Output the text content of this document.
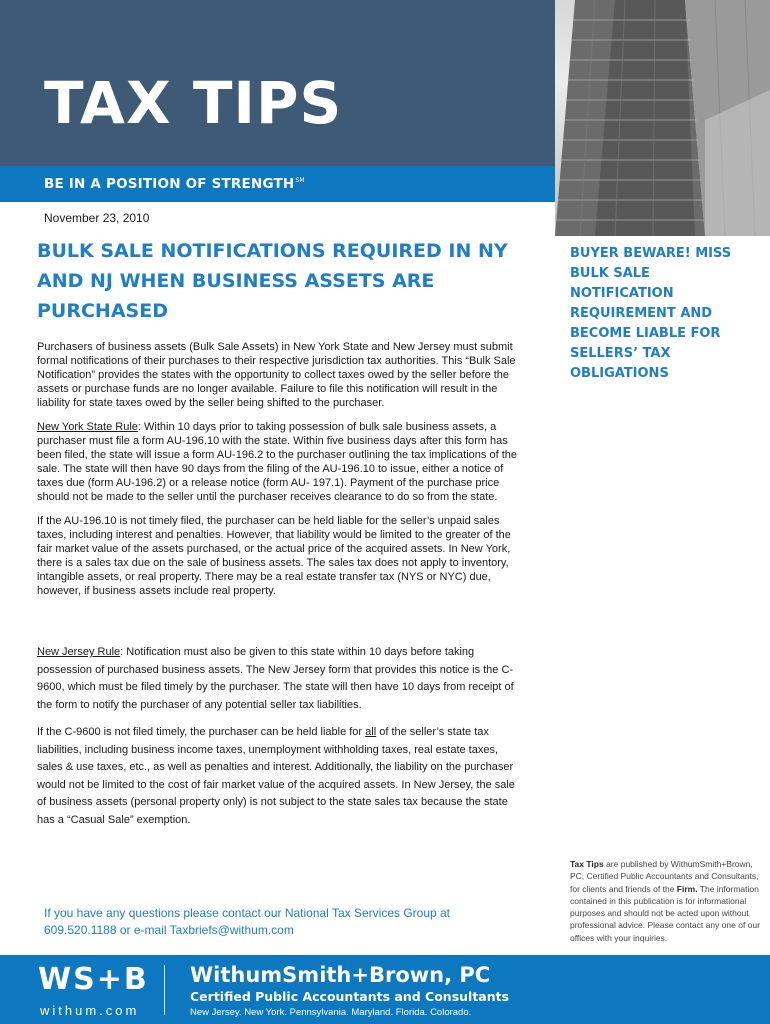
TAX TIPS
BE IN A POSITION OF STRENGTH℠
November 23, 2010
BULK SALE NOTIFICATIONS REQUIRED IN NY AND NJ WHEN BUSINESS ASSETS ARE PURCHASED

Purchasers of business assets (Bulk Sale Assets) in New York State and New Jersey must submit formal notifications of their purchases to their respective jurisdiction tax authorities. This “Bulk Sale Notification” provides the states with the opportunity to collect taxes owed by the seller before the assets or purchase funds are no longer available. Failure to file this notification will result in the liability for state taxes owed by the seller being shifted to the purchaser.

New York State Rule: Within 10 days prior to taking possession of bulk sale business assets, a purchaser must file a form AU-196.10 with the state. Within five business days after this form has been filed, the state will issue a form AU-196.2 to the purchaser outlining the tax implications of the sale. The state will then have 90 days from the filing of the AU-196.10 to issue, either a notice of taxes due (form AU-196.2) or a release notice (form AU- 197.1). Payment of the purchase price should not be made to the seller until the purchaser receives clearance to do so from the state.

If the AU-196.10 is not timely filed, the purchaser can be held liable for the seller’s unpaid sales taxes, including interest and penalties. However, that liability would be limited to the greater of the fair market value of the assets purchased, or the actual price of the acquired assets. In New York, there is a sales tax due on the sale of business assets. The sales tax does not apply to inventory, intangible assets, or real property. There may be a real estate transfer tax (NYS or NYC) due, however, if business assets include real property.

New Jersey Rule: Notification must also be given to this state within 10 days before taking possession of purchased business assets. The New Jersey form that provides this notice is the C-9600, which must be filed timely by the purchaser. The state will then have 10 days from receipt of the form to notify the purchaser of any potential seller tax liabilities.

If the C-9600 is not filed timely, the purchaser can be held liable for all of the seller’s state tax liabilities, including business income taxes, unemployment withholding taxes, real estate taxes, sales & use taxes, etc., as well as penalties and interest. Additionally, the liability on the purchaser would not be limited to the cost of fair market value of the acquired assets. In New Jersey, the sale of business assets (personal property only) is not subject to the state sales tax because the state has a “Casual Sale” exemption.

If you have any questions please contact our National Tax Services Group at 609.520.1188 or e-mail Taxbriefs@withum.com
BUYER BEWARE! MISS BULK SALE NOTIFICATION REQUIREMENT AND BECOME LIABLE FOR SELLERS’ TAX OBLIGATIONS
Tax Tips are published by WithumSmith+Brown, PC, Certified Public Accountants and Consultants, for clients and friends of the Firm. The information contained in this publication is for informational purposes and should not be acted upon without professional advice. Please contact any one of our offices with your inquiries.
WS+B
withum.com
WithumSmith+Brown, PC
Certified Public Accountants and Consultants
New Jersey. New York. Pennsylvania. Maryland. Florida. Colorado.
